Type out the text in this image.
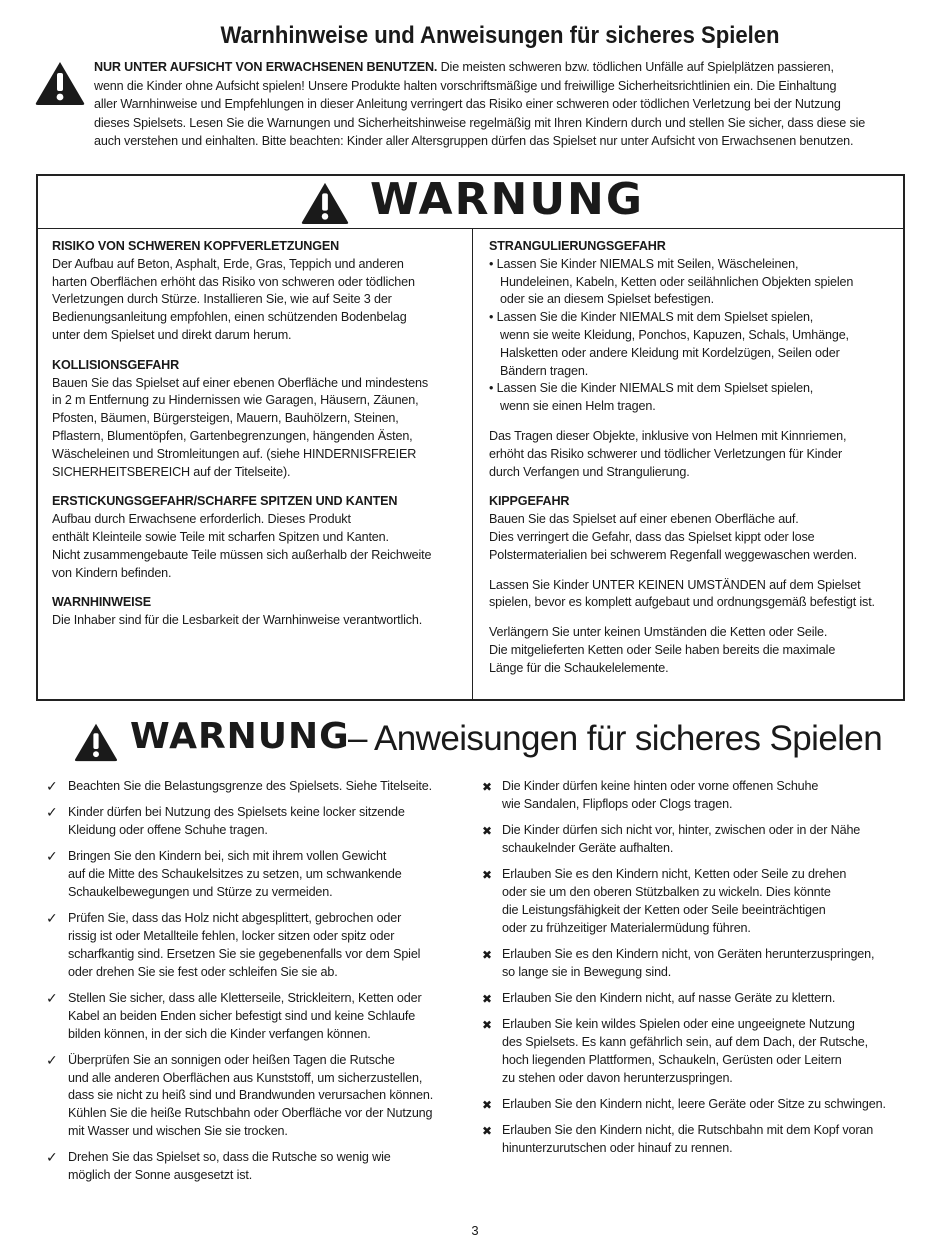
Warnhinweise und Anweisungen für sicheres Spielen

NUR UNTER AUFSICHT VON ERWACHSENEN BENUTZEN. Die meisten schweren bzw. tödlichen Unfälle auf Spielplätzen passieren,
wenn die Kinder ohne Aufsicht spielen! Unsere Produkte halten vorschriftsmäßige und freiwillige Sicherheitsrichtlinien ein. Die Einhaltung
aller Warnhinweise und Empfehlungen in dieser Anleitung verringert das Risiko einer schweren oder tödlichen Verletzung bei der Nutzung
dieses Spielsets. Lesen Sie die Warnungen und Sicherheitshinweise regelmäßig mit Ihren Kindern durch und stellen Sie sicher, dass diese sie
auch verstehen und einhalten. Bitte beachten: Kinder aller Altersgruppen dürfen das Spielset nur unter Aufsicht von Erwachsenen benutzen.

WARNUNG
RISIKO VON SCHWEREN KOPFVERLETZUNGEN
Der Aufbau auf Beton, Asphalt, Erde, Gras, Teppich und anderen
harten Oberflächen erhöht das Risiko von schweren oder tödlichen
Verletzungen durch Stürze. Installieren Sie, wie auf Seite 3 der
Bedienungsanleitung empfohlen, einen schützenden Bodenbelag
unter dem Spielset und direkt darum herum.
KOLLISIONSGEFAHR
Bauen Sie das Spielset auf einer ebenen Oberfläche und mindestens
in 2 m Entfernung zu Hindernissen wie Garagen, Häusern, Zäunen,
Pfosten, Bäumen, Bürgersteigen, Mauern, Bauhölzern, Steinen,
Pflastern, Blumentöpfen, Gartenbegrenzungen, hängenden Ästen,
Wäscheleinen und Stromleitungen auf. (siehe HINDERNISFREIER
SICHERHEITSBEREICH auf der Titelseite).
ERSTICKUNGSGEFAHR/SCHARFE SPITZEN UND KANTEN
Aufbau durch Erwachsene erforderlich. Dieses Produkt
enthält Kleinteile sowie Teile mit scharfen Spitzen und Kanten.
Nicht zusammengebaute Teile müssen sich außerhalb der Reichweite
von Kindern befinden.
WARNHINWEISE
Die Inhaber sind für die Lesbarkeit der Warnhinweise verantwortlich.
STRANGULIERUNGSGEFAHR
• Lassen Sie Kinder NIEMALS mit Seilen, Wäscheleinen,
Hundeleinen, Kabeln, Ketten oder seilähnlichen Objekten spielen
oder sie an diesem Spielset befestigen.
• Lassen Sie die Kinder NIEMALS mit dem Spielset spielen,
wenn sie weite Kleidung, Ponchos, Kapuzen, Schals, Umhänge,
Halsketten oder andere Kleidung mit Kordelzügen, Seilen oder
Bändern tragen.
• Lassen Sie die Kinder NIEMALS mit dem Spielset spielen,
wenn sie einen Helm tragen.
Das Tragen dieser Objekte, inklusive von Helmen mit Kinnriemen,
erhöht das Risiko schwerer und tödlicher Verletzungen für Kinder
durch Verfangen und Strangulierung.
KIPPGEFAHR
Bauen Sie das Spielset auf einer ebenen Oberfläche auf.
Dies verringert die Gefahr, dass das Spielset kippt oder lose
Polstermaterialien bei schwerem Regenfall weggewaschen werden.
Lassen Sie Kinder UNTER KEINEN UMSTÄNDEN auf dem Spielset
spielen, bevor es komplett aufgebaut und ordnungsgemäß befestigt ist.
Verlängern Sie unter keinen Umständen die Ketten oder Seile.
Die mitgelieferten Ketten oder Seile haben bereits die maximale
Länge für die Schaukelelemente.
WARNUNG
– Anweisungen für sicheres Spielen
✓ Beachten Sie die Belastungsgrenze des Spielsets. Siehe Titelseite.
✓ Kinder dürfen bei Nutzung des Spielsets keine locker sitzende
Kleidung oder offene Schuhe tragen.
✓ Bringen Sie den Kindern bei, sich mit ihrem vollen Gewicht
auf die Mitte des Schaukelsitzes zu setzen, um schwankende
Schaukelbewegungen und Stürze zu vermeiden.
✓ Prüfen Sie, dass das Holz nicht abgesplittert, gebrochen oder
rissig ist oder Metallteile fehlen, locker sitzen oder spitz oder
scharfkantig sind. Ersetzen Sie sie gegebenenfalls vor dem Spiel
oder drehen Sie sie fest oder schleifen Sie sie ab.
✓ Stellen Sie sicher, dass alle Kletterseile, Strickleitern, Ketten oder
Kabel an beiden Enden sicher befestigt sind und keine Schlaufe
bilden können, in der sich die Kinder verfangen können.
✓ Überprüfen Sie an sonnigen oder heißen Tagen die Rutsche
und alle anderen Oberflächen aus Kunststoff, um sicherzustellen,
dass sie nicht zu heiß sind und Brandwunden verursachen können.
Kühlen Sie die heiße Rutschbahn oder Oberfläche vor der Nutzung
mit Wasser und wischen Sie sie trocken.
✓ Drehen Sie das Spielset so, dass die Rutsche so wenig wie
möglich der Sonne ausgesetzt ist.
✖ Die Kinder dürfen keine hinten oder vorne offenen Schuhe
wie Sandalen, Flipflops oder Clogs tragen.
✖ Die Kinder dürfen sich nicht vor, hinter, zwischen oder in der Nähe
schaukelnder Geräte aufhalten.
✖ Erlauben Sie es den Kindern nicht, Ketten oder Seile zu drehen
oder sie um den oberen Stützbalken zu wickeln. Dies könnte
die Leistungsfähigkeit der Ketten oder Seile beeinträchtigen
oder zu frühzeitiger Materialermüdung führen.
✖ Erlauben Sie es den Kindern nicht, von Geräten herunterzuspringen,
so lange sie in Bewegung sind.
✖ Erlauben Sie den Kindern nicht, auf nasse Geräte zu klettern.
✖ Erlauben Sie kein wildes Spielen oder eine ungeeignete Nutzung
des Spielsets. Es kann gefährlich sein, auf dem Dach, der Rutsche,
hoch liegenden Plattformen, Schaukeln, Gerüsten oder Leitern
zu stehen oder davon herunterzuspringen.
✖ Erlauben Sie den Kindern nicht, leere Geräte oder Sitze zu schwingen.
✖ Erlauben Sie den Kindern nicht, die Rutschbahn mit dem Kopf voran
hinunterzurutschen oder hinauf zu rennen.
3
